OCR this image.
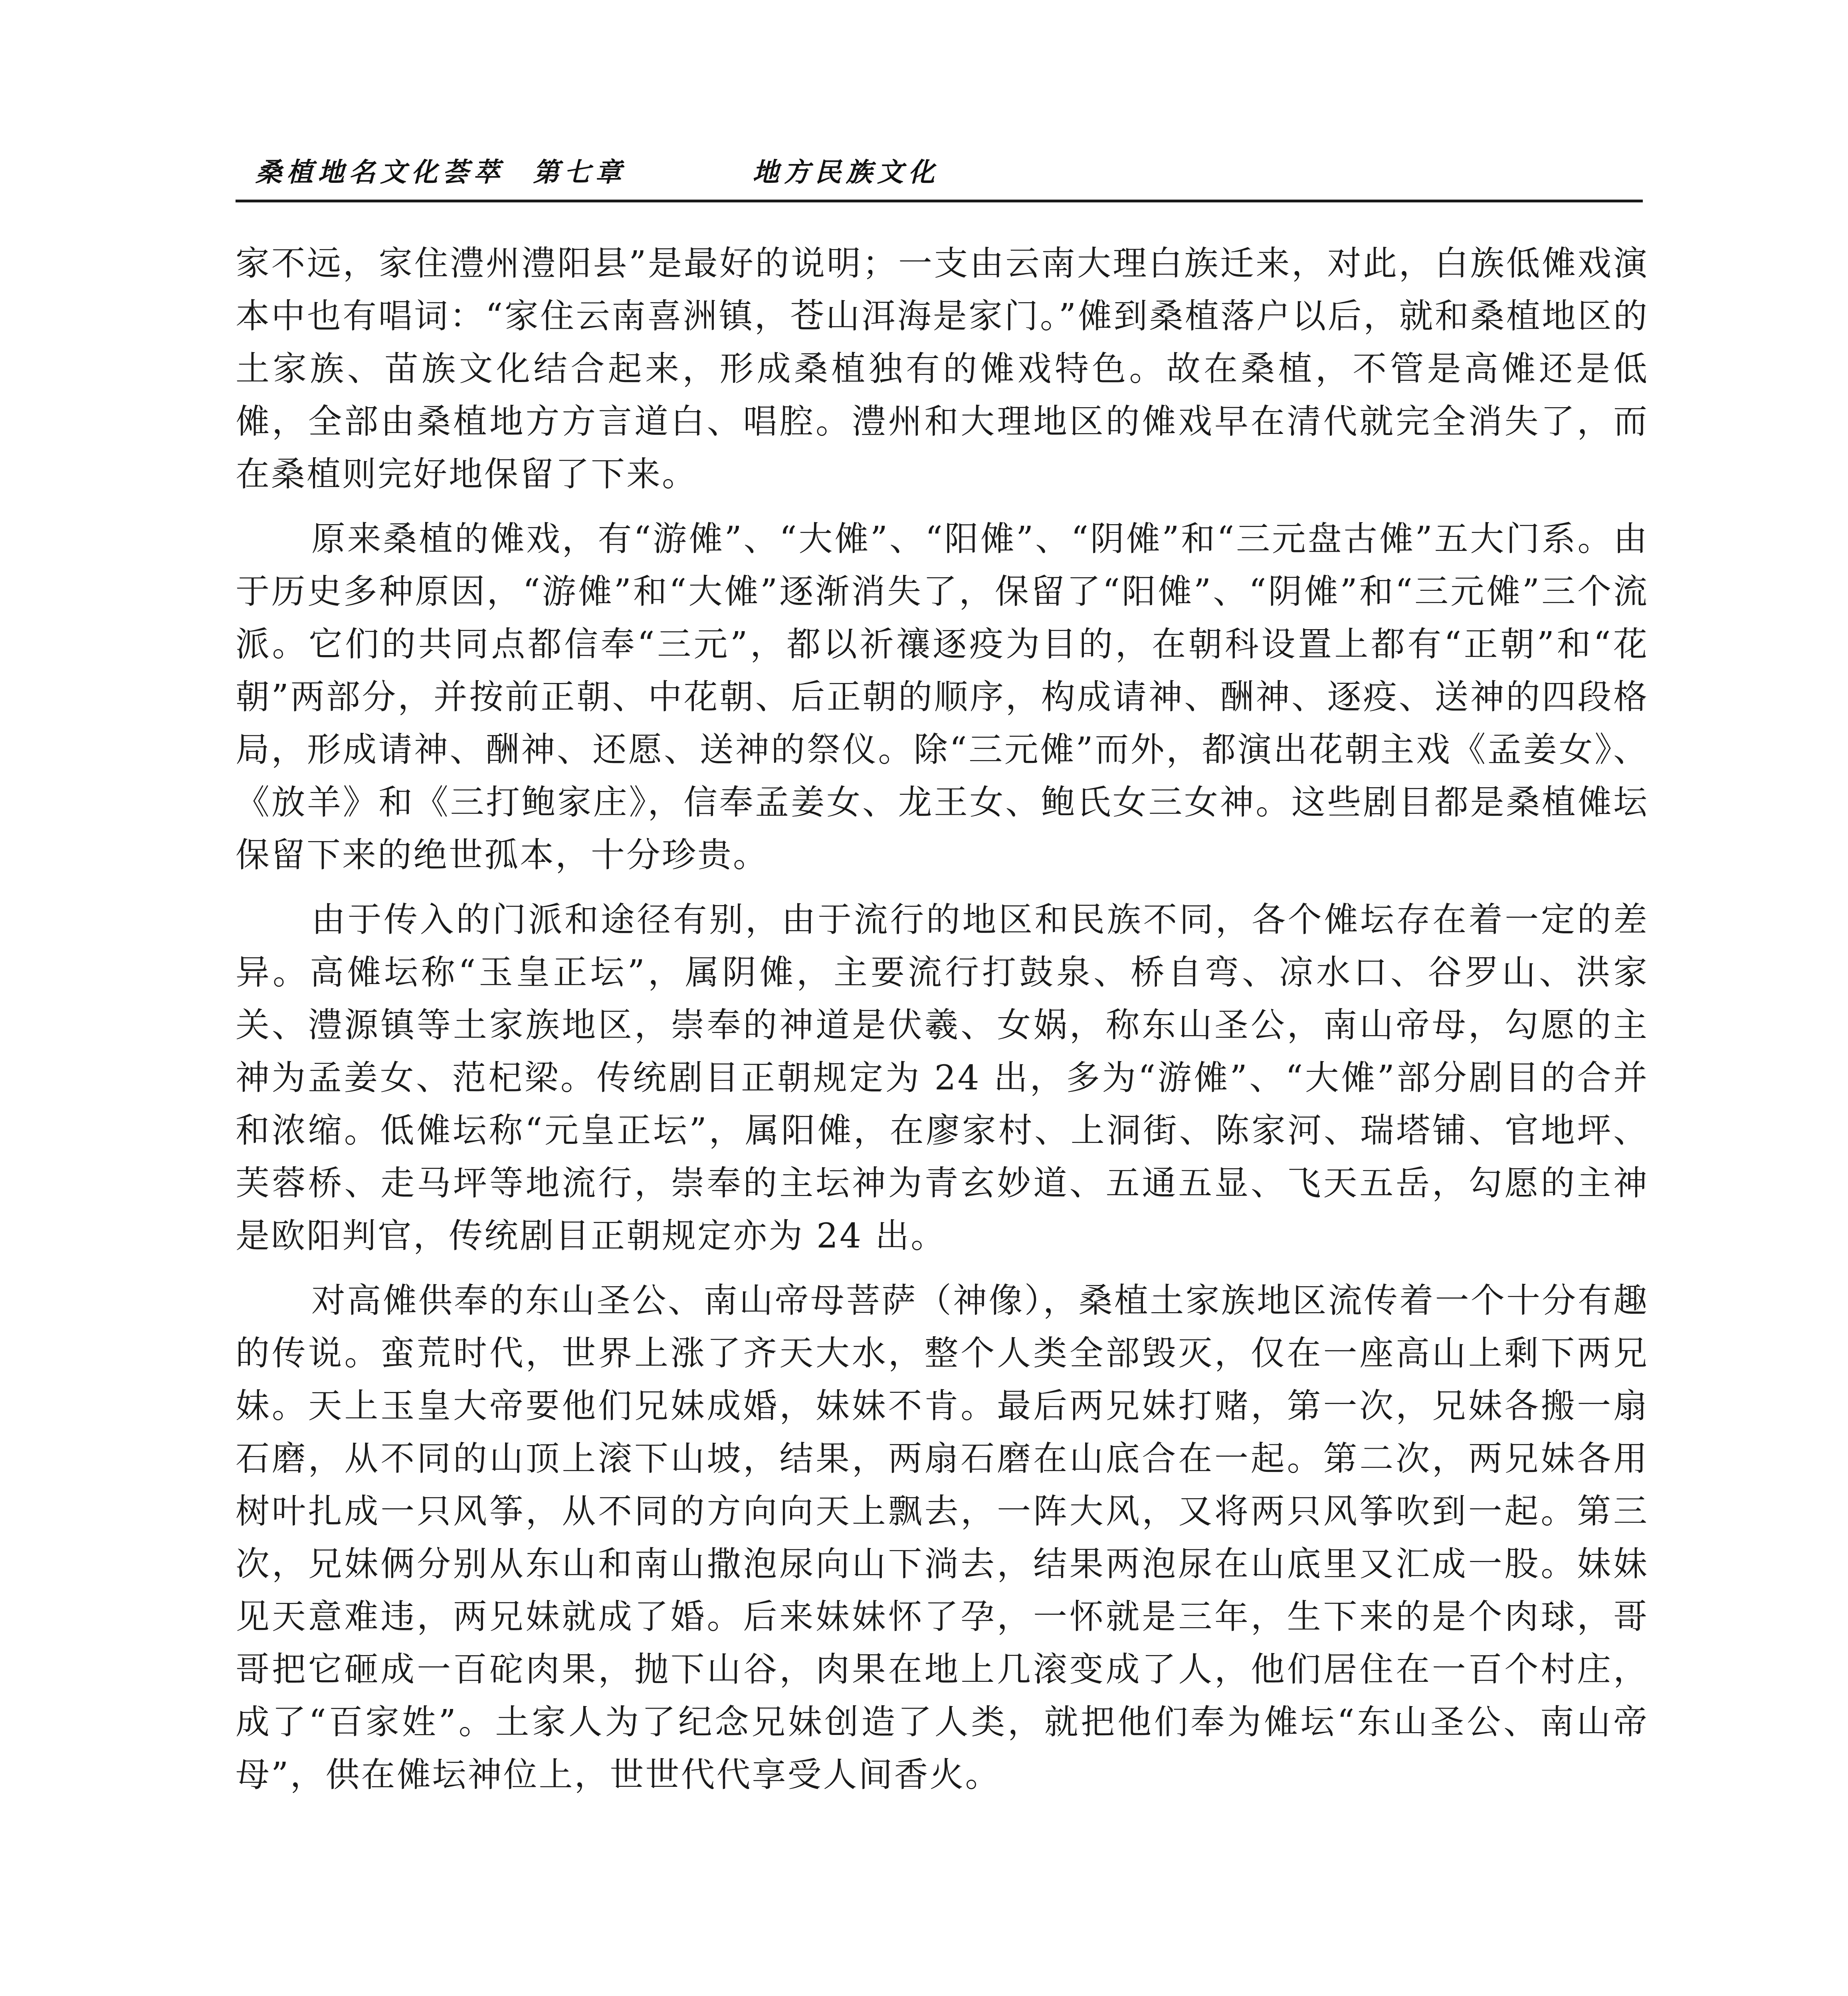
桑植地名文化荟萃 第七章	地方民族文化

家不远，家住澧州澧阳县”是最好的说明；一支由云南大理白族迁来，对此，白族低傩戏演本中也有唱词：“家住云南喜洲镇，苍山洱海是家门。”傩到桑植落户以后，就和桑植地区的土家族、苗族文化结合起来，形成桑植独有的傩戏特色。故在桑植，不管是高傩还是低傩，全部由桑植地方方言道白、唱腔。澧州和大理地区的傩戏早在清代就完全消失了，而在桑植则完好地保留了下来。

原来桑植的傩戏，有“游傩”、“大傩”、“阳傩”、“阴傩”和“三元盘古傩”五大门系。由于历史多种原因，“游傩”和“大傩”逐渐消失了，保留了“阳傩”、“阴傩”和“三元傩”三个流派。它们的共同点都信奉“三元”，都以祈禳逐疫为目的，在朝科设置上都有“正朝”和“花朝”两部分，并按前正朝、中花朝、后正朝的顺序，构成请神、酬神、逐疫、送神的四段格局，形成请神、酬神、还愿、送神的祭仪。除“三元傩”而外，都演出花朝主戏《孟姜女》、《放羊》和《三打鲍家庄》，信奉孟姜女、龙王女、鲍氏女三女神。这些剧目都是桑植傩坛保留下来的绝世孤本，十分珍贵。

由于传入的门派和途径有别，由于流行的地区和民族不同，各个傩坛存在着一定的差异。高傩坛称“玉皇正坛”，属阴傩，主要流行打鼓泉、桥自弯、凉水口、谷罗山、洪家关、澧源镇等土家族地区，崇奉的神道是伏羲、女娲，称东山圣公，南山帝母，勾愿的主神为孟姜女、范杞梁。传统剧目正朝规定为 24 出，多为“游傩”、“大傩”部分剧目的合并和浓缩。低傩坛称“元皇正坛”，属阳傩，在廖家村、上洞街、陈家河、瑞塔铺、官地坪、芙蓉桥、走马坪等地流行，崇奉的主坛神为青玄妙道、五通五显、飞天五岳，勾愿的主神是欧阳判官，传统剧目正朝规定亦为 24 出。

对高傩供奉的东山圣公、南山帝母菩萨（神像），桑植土家族地区流传着一个十分有趣的传说。蛮荒时代，世界上涨了齐天大水，整个人类全部毁灭，仅在一座高山上剩下两兄妹。天上玉皇大帝要他们兄妹成婚，妹妹不肯。最后两兄妹打赌，第一次，兄妹各搬一扇石磨，从不同的山顶上滚下山坡，结果，两扇石磨在山底合在一起。第二次，两兄妹各用树叶扎成一只风筝，从不同的方向向天上飘去，一阵大风，又将两只风筝吹到一起。第三次，兄妹俩分别从东山和南山撒泡尿向山下淌去，结果两泡尿在山底里又汇成一股。妹妹见天意难违，两兄妹就成了婚。后来妹妹怀了孕，一怀就是三年，生下来的是个肉球，哥哥把它砸成一百砣肉果，抛下山谷，肉果在地上几滚变成了人，他们居住在一百个村庄，成了“百家姓”。土家人为了纪念兄妹创造了人类，就把他们奉为傩坛“东山圣公、南山帝母”，供在傩坛神位上，世世代代享受人间香火。
